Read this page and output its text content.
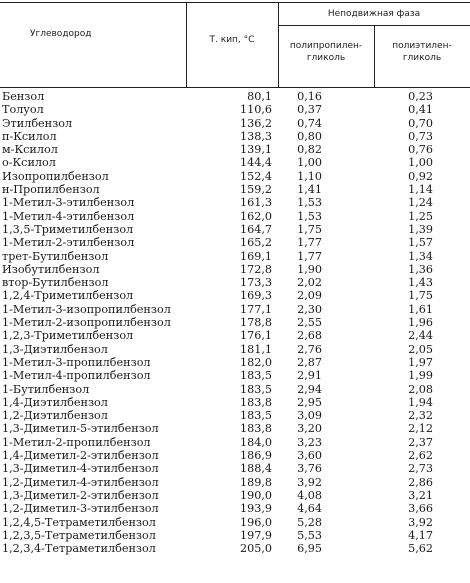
Углеводород
Т. кип, °С
Неподвижная фаза
полипропилен-
гликоль
полиэтилен-
гликоль
Бензол	80,1	0,16	0,23
Толуол	110,6	0,37	0,41
Этилбензол	136,2	0,74	0,70
п-Ксилол	138,3	0,80	0,73
м-Ксилол	139,1	0,82	0,76
о-Ксилол	144,4	1,00	1,00
Изопропилбензол	152,4	1,10	0,92
н-Пропилбензол	159,2	1,41	1,14
1-Метил-3-этилбензол	161,3	1,53	1,24
1-Метил-4-этилбензол	162,0	1,53	1,25
1,3,5-Триметилбензол	164,7	1,75	1,39
1-Метил-2-этилбензол	165,2	1,77	1,57
трет-Бутилбензол	169,1	1,77	1,34
Изобутилбензол	172,8	1,90	1,36
втор-Бутилбензол	173,3	2,02	1,43
1,2,4-Триметилбензол	169,3	2,09	1,75
1-Метил-3-изопропилбензол	177,1	2,30	1,61
1-Метил-2-изопропилбензол	178,8	2,55	1,96
1,2,3-Триметилбензол	176,1	2,68	2,44
1,3-Диэтилбензол	181,1	2,76	2,05
1-Метил-3-пропилбензол	182,0	2,87	1,97
1-Метил-4-пропилбензол	183,5	2,91	1,99
1-Бутилбензол	183,5	2,94	2,08
1,4-Диэтилбензол	183,8	2,95	1,94
1,2-Диэтилбензол	183,5	3,09	2,32
1,3-Диметил-5-этилбензол	183,8	3,20	2,12
1-Метил-2-пропилбензол	184,0	3,23	2,37
1,4-Диметил-2-этилбензол	186,9	3,60	2,62
1,3-Диметил-4-этилбензол	188,4	3,76	2,73
1,2-Диметил-4-этилбензол	189,8	3,92	2,86
1,3-Диметил-2-этилбензол	190,0	4,08	3,21
1,2-Диметил-3-этилбензол	193,9	4,64	3,66
1,2,4,5-Тетраметилбензол	196,0	5,28	3,92
1,2,3,5-Тетраметилбензол	197,9	5,53	4,17
1,2,3,4-Тетраметилбензол	205,0	6,95	5,62
